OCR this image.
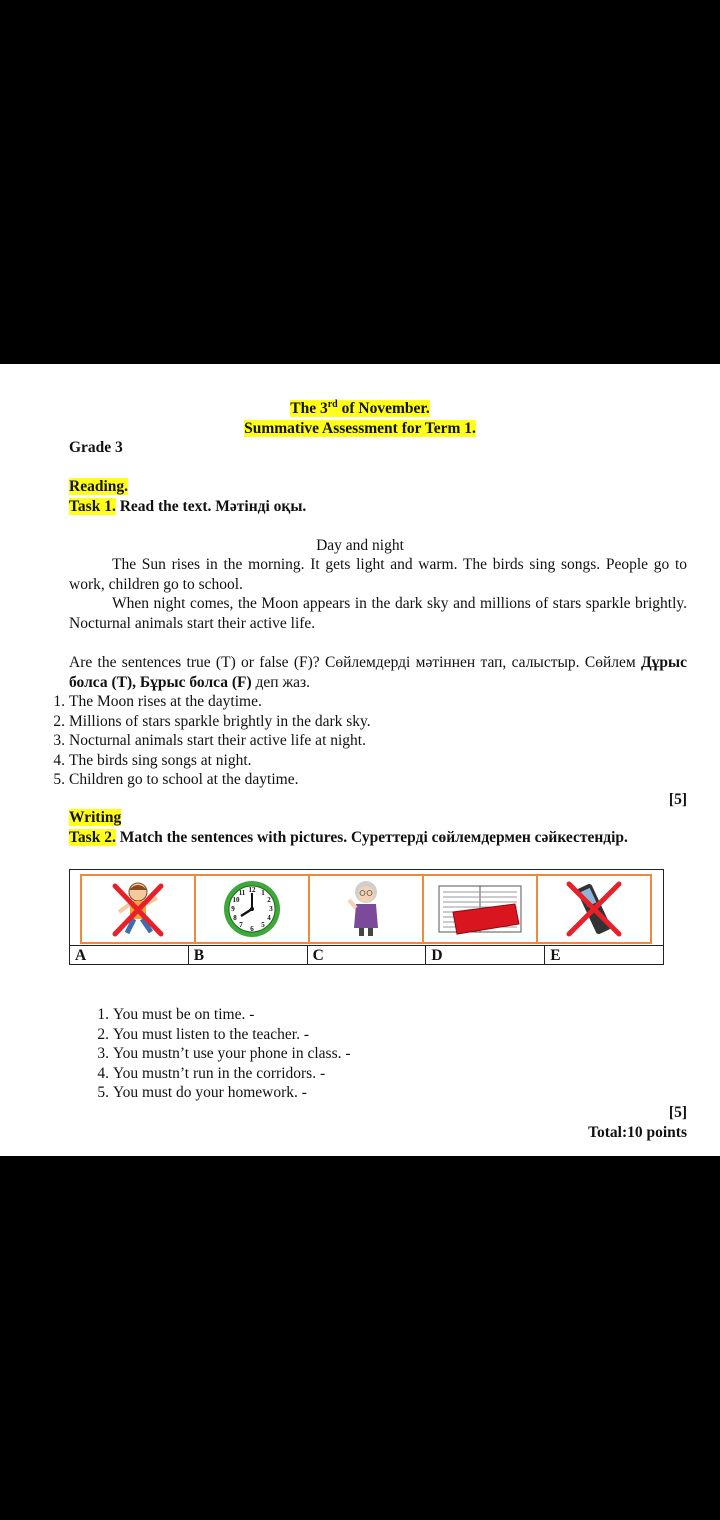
The 3rd of November.
Summative Assessment for Term 1.
Grade 3
Reading.
Task 1. Read the text. Мәтінді оқы.
Day and night
The Sun rises in the morning. It gets light and warm. The birds sing songs. People go to work, children go to school.
When night comes, the Moon appears in the dark sky and millions of stars sparkle brightly. Nocturnal animals start their active life.
Are the sentences true (T) or false (F)? Сөйлемдерді мәтіннен тап, салыстыр. Сөйлем Дұрыс болса (Т), Бұрыс болса (F) деп жаз.
1. The Moon rises at the daytime.
2. Millions of stars sparkle brightly in the dark sky.
3. Nocturnal animals start their active life at night.
4. The birds sing songs at night.
5. Children go to school at the daytime.
[5]
Writing
Task 2. Match the sentences with pictures. Суреттерді сөйлемдермен сәйкестендір.
12 1
2
3
4
5
6
7
8
9
10
11
A	B	C	D	E
1. You must be on time. -
2. You must listen to the teacher. -
3. You mustn’t use your phone in class. -
4. You mustn’t run in the corridors. -
5. You must do your homework. -
[5]
Total:10 points
